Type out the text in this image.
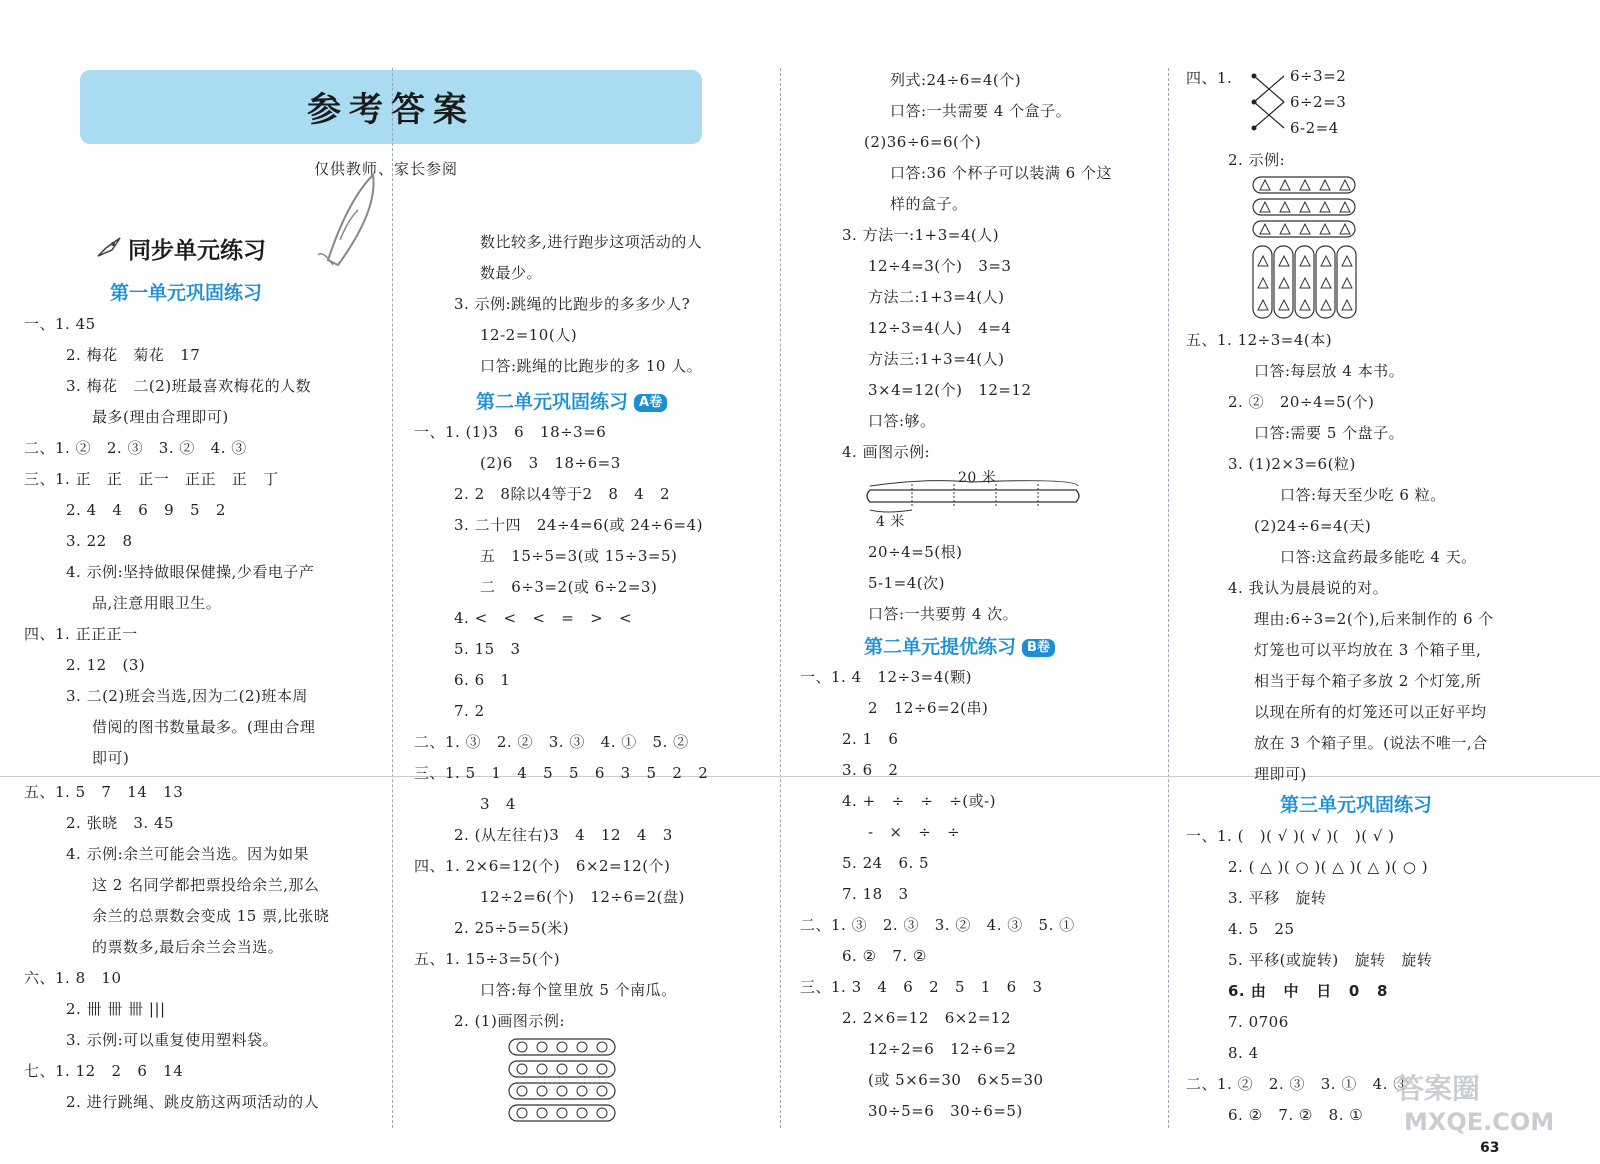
参考答案
仅供教师、家长参阅
同步单元练习
第一单元巩固练习
一、1. 45
2. 梅花   菊花   17
3. 梅花   二(2)班最喜欢梅花的人数
最多(理由合理即可)
二、1. ②   2. ③   3. ②   4. ③
三、1. 正   正   正一   正正   正   丁
2. 4   4   6   9   5   2
3. 22   8
4. 示例:坚持做眼保健操,少看电子产
品,注意用眼卫生。
四、1. 正正正一
2. 12   (3)
3. 二(2)班会当选,因为二(2)班本周
借阅的图书数量最多。(理由合理
即可)
五、1. 5   7   14   13
2. 张晓   3. 45
4. 示例:余兰可能会当选。因为如果
这 2 名同学都把票投给余兰,那么
余兰的总票数会变成 15 票,比张晓
的票数多,最后余兰会当选。
六、1. 8   10
2. 卌 卌 卌 |||
3. 示例:可以重复使用塑料袋。
七、1. 12   2   6   14
2. 进行跳绳、跳皮筋这两项活动的人
数比较多,进行跑步这项活动的人
数最少。
3. 示例:跳绳的比跑步的多多少人?
12-2=10(人)
口答:跳绳的比跑步的多 10 人。
第二单元巩固练习 A卷
一、1. (1)3   6   18÷3=6
(2)6   3   18÷6=3
2. 2   8除以4等于2   8   4   2
3. 二十四   24÷4=6(或 24÷6=4)
五   15÷5=3(或 15÷3=5)
二   6÷3=2(或 6÷2=3)
4. <   <   <   =   >   <
5. 15   3
6. 6   1
7. 2
二、1. ③   2. ②   3. ③   4. ①   5. ②
三、1. 5   1   4   5   5   6   3   5   2   2
3   4
2. (从左往右)3   4   12   4   3
四、1. 2×6=12(个)   6×2=12(个)
12÷2=6(个)   12÷6=2(盘)
2. 25÷5=5(米)
五、1. 15÷3=5(个)
口答:每个筐里放 5 个南瓜。
2. (1)画图示例:
列式:24÷6=4(个)
口答:一共需要 4 个盒子。
(2)36÷6=6(个)
口答:36 个杯子可以装满 6 个这
样的盒子。
3. 方法一:1+3=4(人)
12÷4=3(个)   3=3
方法二:1+3=4(人)
12÷3=4(人)   4=4
方法三:1+3=4(人)
3×4=12(个)   12=12
口答:够。
4. 画图示例:
20 米
4 米
20÷4=5(根)
5-1=4(次)
口答:一共要剪 4 次。
第二单元提优练习 B卷
一、1. 4   12÷3=4(颗)
2   12÷6=2(串)
2. 1   6
3. 6   2
4. +   ÷   ÷   ÷(或-)
-   ×   ÷   ÷
5. 24   6. 5
7. 18   3
二、1. ③   2. ③   3. ②   4. ③   5. ①
6. ②   7. ②
三、1. 3   4   6   2   5   1   6   3
2. 2×6=12   6×2=12
12÷2=6   12÷6=2
(或 5×6=30   6×5=30
30÷5=6   30÷6=5)
四、1.	6÷3=2
6÷2=3
6-2=4
2. 示例:
五、1. 12÷3=4(本)
口答:每层放 4 本书。
2. ②   20÷4=5(个)
口答:需要 5 个盘子。
3. (1)2×3=6(粒)
口答:每天至少吃 6 粒。
(2)24÷6=4(天)
口答:这盒药最多能吃 4 天。
4. 我认为晨晨说的对。
理由:6÷3=2(个),后来制作的 6 个
灯笼也可以平均放在 3 个箱子里,
相当于每个箱子多放 2 个灯笼,所
以现在所有的灯笼还可以正好平均
放在 3 个箱子里。(说法不唯一,合
理即可)
第三单元巩固练习
一、1. (   )( √ )( √ )(   )( √ )
2. ( △ )( ○ )( △ )( △ )( ○ )
3. 平移   旋转
4. 5   25
5. 平移(或旋转)   旋转   旋转
6. 由   中   日   0   8
7. 0706
8. 4
二、1. ②   2. ③   3. ①   4. ③
6. ②   7. ②   8. ①
答案圈
MXQE.COM
63
